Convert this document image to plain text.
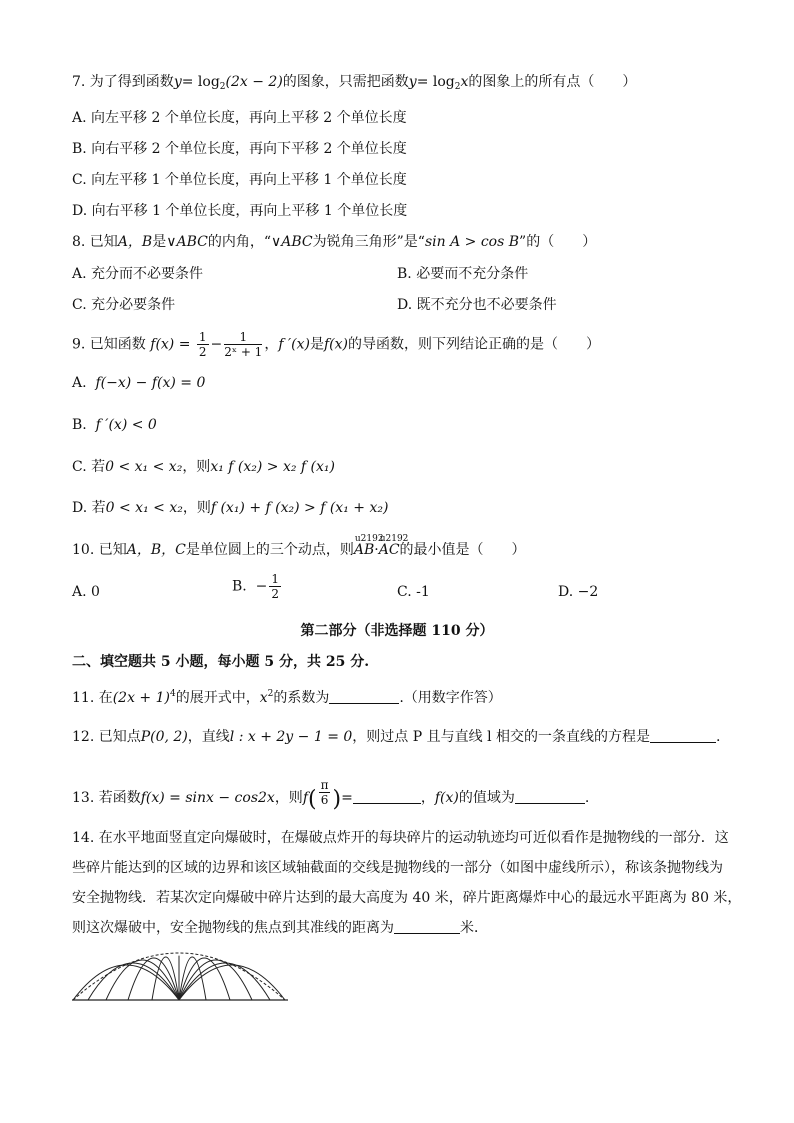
7. 为了得到函数$y= \log_2(2x - 2)$的图象，只需把函数$y= \log_2x$的图象上的所有点（　　）
A. 向左平移 2 个单位长度，再向上平移 2 个单位长度
B. 向右平移 2 个单位长度，再向下平移 2 个单位长度
C. 向左平移 1 个单位长度，再向上平移 1 个单位长度
D. 向右平移 1 个单位长度，再向上平移 1 个单位长度
8. 已知A，B是∨ABC的内角，“∨ABC为锐角三角形”是“sin A > cos B”的（　　）
A. 充分而不必要条件	B. 必要而不充分条件
C. 充分必要条件	D. 既不充分也不必要条件
9. 已知函数 $f(x) = \frac{1}{2} - \frac{1}{\text{2ˣ + 1}}$ ，f ′(x)是f(x)的导函数，则下列结论正确的是（　　）
A. f(−x) − f(x) = 0
B. f ′(x) < 0
C. 若0 < x₁ < x₂，则x₁ f (x₂) > x₂ f (x₁)
D. 若0 < x₁ < x₂，则f (x₁) + f (x₂) > f (x₁ + x₂)
10. 已知A，B，C是单位圆上的三个动点，则u2192 AB·u2192 AC的最小值是（　　）
A. 0	B. − $\frac{1}{2}$	C. -1	D. −2
第二部分（非选择题 110 分）
二、填空题共 5 小题，每小题 5 分，共 25 分.
11. 在$(2x + 1)^4$的展开式中，$x^2$的系数为	.（用数字作答）
12. 已知点P(0, 2)，直线l : x + 2y − 1 = 0，则过点 P 且与直线 l 相交的一条直线的方程是	.
13. 若函数f(x) = sinx − cos2x，则$f( \frac{\pi}{6}$ )=	，f(x)的值域为	.
14. 在水平地面竖直定向爆破时，在爆破点炸开的每块碎片的运动轨迹均可近似看作是抛物线的一部分．这
些碎片能达到的区域的边界和该区域轴截面的交线是抛物线的一部分（如图中虚线所示），称该条抛物线为
安全抛物线．若某次定向爆破中碎片达到的最大高度为 40 米，碎片距离爆炸中心的最远水平距离为 80 米，
则这次爆破中，安全抛物线的焦点到其准线的距离为	米．
